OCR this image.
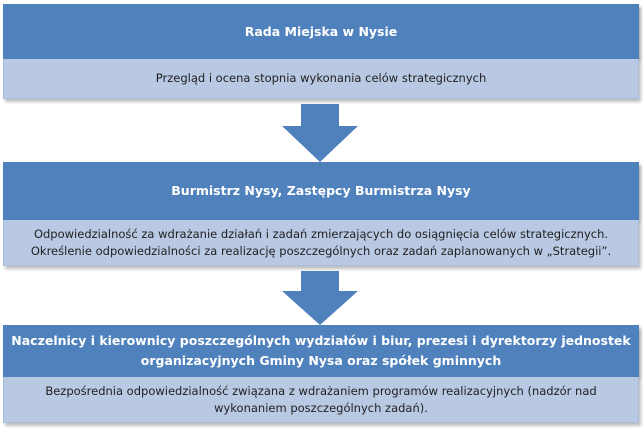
Rada Miejska w Nysie
Przegląd i ocena stopnia wykonania celów strategicznych
Burmistrz Nysy, Zastępcy Burmistrza Nysy
Odpowiedzialność za wdrażanie działań i zadań zmierzających do osiągnięcia celów strategicznych.
Określenie odpowiedzialności za realizację poszczególnych oraz zadań zaplanowanych w „Strategii”.
Naczelnicy i kierownicy poszczególnych wydziałów i biur, prezesi i dyrektorzy jednostek
organizacyjnych Gminy Nysa oraz spółek gminnych
Bezpośrednia odpowiedzialność związana z wdrażaniem programów realizacyjnych (nadzór nad
wykonaniem poszczególnych zadań).
